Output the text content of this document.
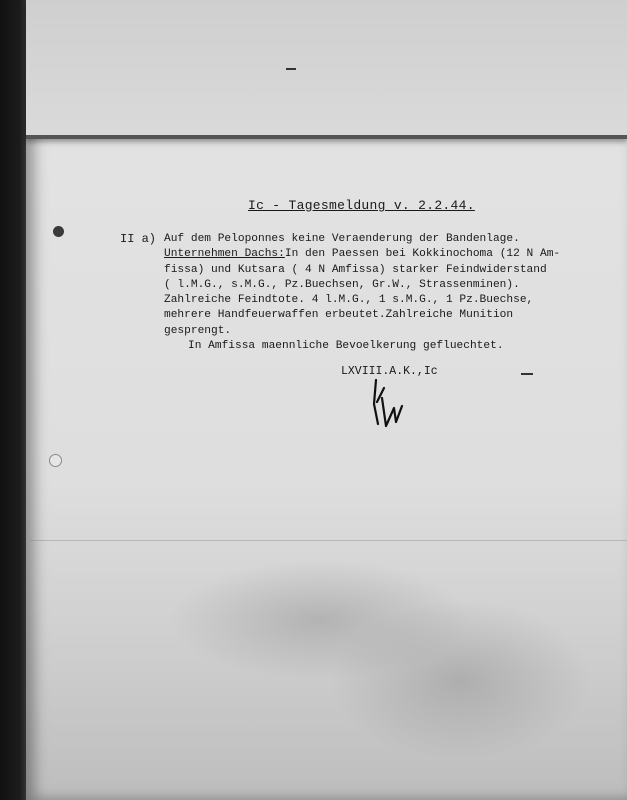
Ic - Tagesmeldung v. 2.2.44.
II a) Auf dem Peloponnes keine Veraenderung der Bandenlage.
Unternehmen Dachs:In den Paessen bei Kokkinochoma (12 N Am-
fissa) und Kutsara ( 4 N Amfissa) starker Feindwiderstand
( l.M.G., s.M.G., Pz.Buechsen, Gr.W., Strassenminen).
Zahlreiche Feindtote. 4 l.M.G., 1 s.M.G., 1 Pz.Buechse,
mehrere Handfeuerwaffen erbeutet.Zahlreiche Munition
gesprengt.
In Amfissa maennliche Bevoelkerung gefluechtet.
LXVIII.A.K.,Ic
